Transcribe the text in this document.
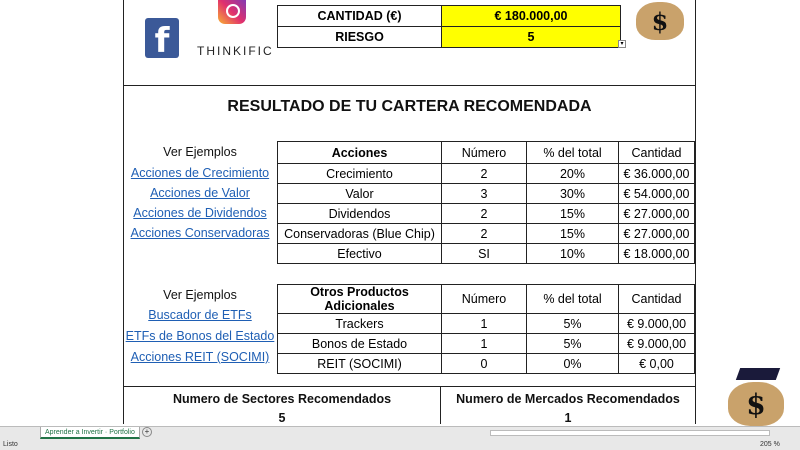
f THINKIFIC
$
CANTIDAD (€)	€ 180.000,00
RIESGO	5 ▾
RESULTADO DE TU CARTERA RECOMENDADA
Ver Ejemplos
Acciones de Crecimiento
Acciones de Valor
Acciones de Dividendos
Acciones Conservadoras
Acciones	Número	% del total	Cantidad
Crecimiento	2	20%	€ 36.000,00
Valor	3	30%	€ 54.000,00
Dividendos	2	15%	€ 27.000,00
Conservadoras (Blue Chip)	2	15%	€ 27.000,00
Efectivo	SI	10%	€ 18.000,00
Ver Ejemplos
Buscador de ETFs
ETFs de Bonos del Estado
Acciones REIT (SOCIMI)
Otros Productos Adicionales	Número	% del total	Cantidad
Trackers	1	5%	€ 9.000,00
Bonos de Estado	1	5%	€ 9.000,00
REIT (SOCIMI)	0	0%	€ 0,00
Numero de Sectores Recomendados
5
Numero de Mercados Recomendados
1	$
Aprender a Invertir · Portfolio	+
Listo	205 %
